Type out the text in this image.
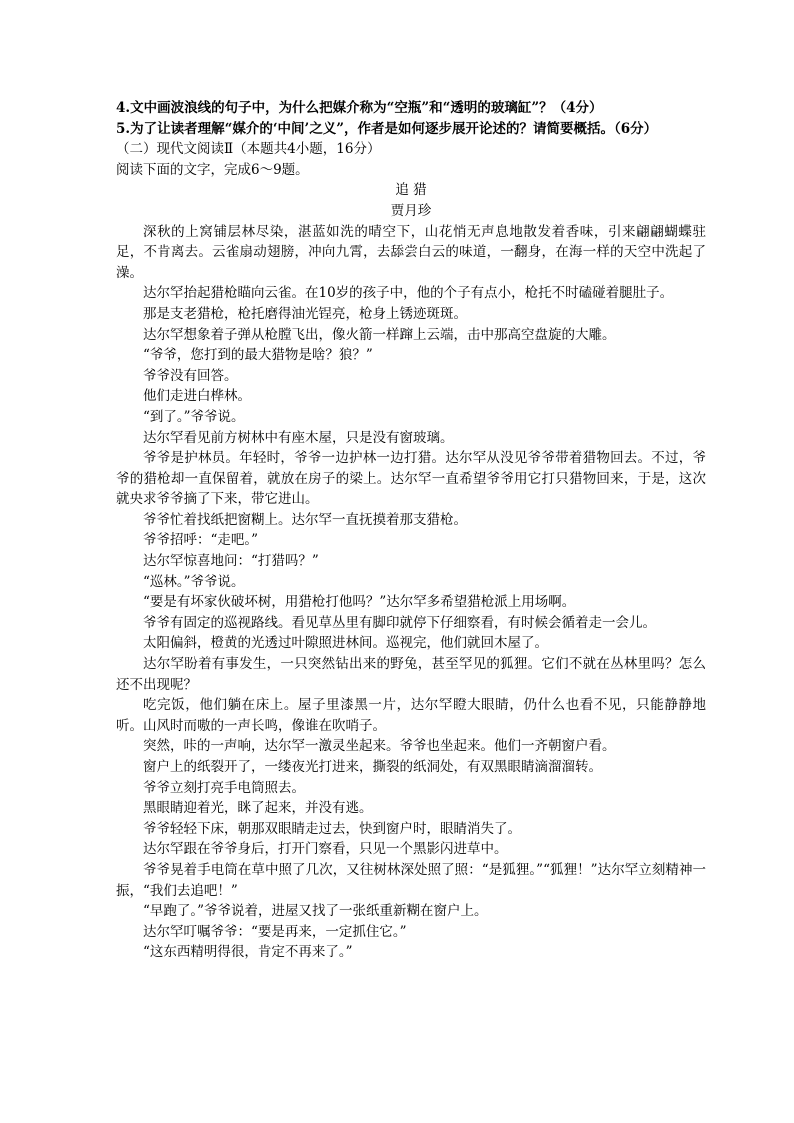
4.文中画波浪线的句子中，为什么把媒介称为“空瓶”和“透明的玻璃缸”？（4分）

5.为了让读者理解“媒介的‘中间’之义”，作者是如何逐步展开论述的？请简要概括。（6分）

（二）现代文阅读Ⅱ（本题共4小题，16分）

阅读下面的文字，完成6～9题。

追 猎

贾月珍

深秋的上窝铺层林尽染，湛蓝如洗的晴空下，山花悄无声息地散发着香味，引来翩翩蝴蝶驻足，不肯离去。云雀扇动翅膀，冲向九霄，去舔尝白云的味道，一翻身，在海一样的天空中洗起了澡。

达尔罕抬起猎枪瞄向云雀。在10岁的孩子中，他的个子有点小，枪托不时磕碰着腿肚子。

那是支老猎枪，枪托磨得油光锃亮，枪身上锈迹斑斑。

达尔罕想象着子弹从枪膛飞出，像火箭一样蹿上云端，击中那高空盘旋的大雕。

“爷爷，您打到的最大猎物是啥？狼？”

爷爷没有回答。

他们走进白桦林。

“到了。”爷爷说。

达尔罕看见前方树林中有座木屋，只是没有窗玻璃。

爷爷是护林员。年轻时，爷爷一边护林一边打猎。达尔罕从没见爷爷带着猎物回去。不过，爷爷的猎枪却一直保留着，就放在房子的梁上。达尔罕一直希望爷爷用它打只猎物回来，于是，这次就央求爷爷摘了下来，带它进山。

爷爷忙着找纸把窗糊上。达尔罕一直抚摸着那支猎枪。

爷爷招呼：“走吧。”

达尔罕惊喜地问：“打猎吗？”

“巡林。”爷爷说。

“要是有坏家伙破坏树，用猎枪打他吗？”达尔罕多希望猎枪派上用场啊。

爷爷有固定的巡视路线。看见草丛里有脚印就停下仔细察看，有时候会循着走一会儿。

太阳偏斜，橙黄的光透过叶隙照进林间。巡视完，他们就回木屋了。

达尔罕盼着有事发生，一只突然钻出来的野兔，甚至罕见的狐狸。它们不就在丛林里吗？怎么还不出现呢？

吃完饭，他们躺在床上。屋子里漆黑一片，达尔罕瞪大眼睛，仍什么也看不见，只能静静地听。山风时而嗷的一声长鸣，像谁在吹哨子。

突然，咔的一声响，达尔罕一激灵坐起来。爷爷也坐起来。他们一齐朝窗户看。

窗户上的纸裂开了，一缕夜光打进来，撕裂的纸洞处，有双黑眼睛滴溜溜转。

爷爷立刻打亮手电筒照去。

黑眼睛迎着光，眯了起来，并没有逃。

爷爷轻轻下床，朝那双眼睛走过去，快到窗户时，眼睛消失了。

达尔罕跟在爷爷身后，打开门察看，只见一个黑影闪进草中。

爷爷晃着手电筒在草中照了几次，又往树林深处照了照：“是狐狸。”“狐狸！”达尔罕立刻精神一振，“我们去追吧！”

“早跑了。”爷爷说着，进屋又找了一张纸重新糊在窗户上。

达尔罕叮嘱爷爷：“要是再来，一定抓住它。”

“这东西精明得很，肯定不再来了。”
